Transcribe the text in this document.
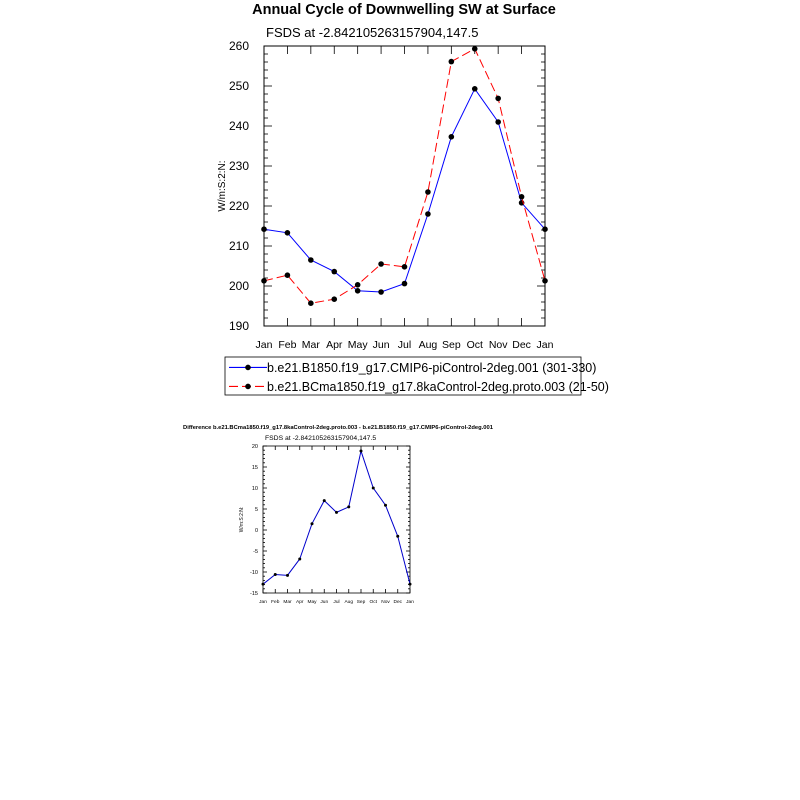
Annual Cycle of Downwelling SW at Surface
FSDS at -2.842105263157904,147.5
190
200
210
220
230
240
250
260
Jan Feb Mar Apr May Jun Jul Aug Sep Oct Nov Dec Jan
W/m:S:2:N:
b.e21.B1850.f19_g17.CMIP6-piControl-2deg.001 (301-330)
b.e21.BCma1850.f19_g17.8kaControl-2deg.proto.003 (21-50)
Difference b.e21.BCma1850.f19_g17.8kaControl-2deg.proto.003 - b.e21.B1850.f19_g17.CMIP6-piControl-2deg.001
FSDS at -2.842105263157904,147.5
-15
-10
-5
0
5
10
15
20
Jan Feb Mar Apr May Jun Jul Aug Sep Oct Nov Dec Jan
W/m:S:2:N:
